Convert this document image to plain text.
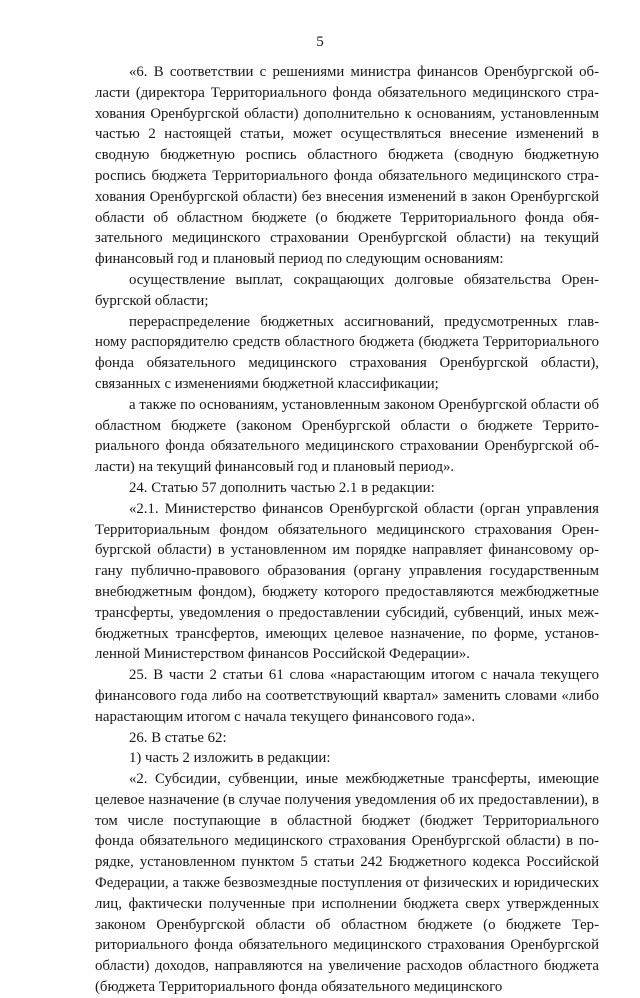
5

«6. В соответствии с решениями министра финансов Оренбургской области (директора Территориального фонда обязательного медицинского страхования Оренбургской области) дополнительно к основаниям, установленным частью 2 настоящей статьи, может осуществляться внесение изменений в сводную бюджетную роспись областного бюджета (сводную бюджетную роспись бюджета Территориального фонда обязательного медицинского страхования Оренбургской области) без внесения изменений в закон Оренбургской области об областном бюджете (о бюджете Территориального фонда обязательного медицинского страховании Оренбургской области) на текущий финансовый год и плановый период по следующим основаниям:

осуществление выплат, сокращающих долговые обязательства Оренбургской области;

перераспределение бюджетных ассигнований, предусмотренных главному распорядителю средств областного бюджета (бюджета Территориального фонда обязательного медицинского страхования Оренбургской области), связанных с изменениями бюджетной классификации;

а также по основаниям, установленным законом Оренбургской области об областном бюджете (законом Оренбургской области о бюджете Территориального фонда обязательного медицинского страховании Оренбургской области) на текущий финансовый год и плановый период».

24. Статью 57 дополнить частью 2.1 в редакции:

«2.1. Министерство финансов Оренбургской области (орган управления Территориальным фондом обязательного медицинского страхования Оренбургской области) в установленном им порядке направляет финансовому органу публично-правового образования (органу управления государственным внебюджетным фондом), бюджету которого предоставляются межбюджетные трансферты, уведомления о предоставлении субсидий, субвенций, иных межбюджетных трансфертов, имеющих целевое назначение, по форме, установленной Министерством финансов Российской Федерации».

25. В части 2 статьи 61 слова «нарастающим итогом с начала текущего финансового года либо на соответствующий квартал» заменить словами «либо нарастающим итогом с начала текущего финансового года».

26. В статье 62:

1) часть 2 изложить в редакции:

«2. Субсидии, субвенции, иные межбюджетные трансферты, имеющие целевое назначение (в случае получения уведомления об их предоставлении), в том числе поступающие в областной бюджет (бюджет Территориального фонда обязательного медицинского страхования Оренбургской области) в порядке, установленном пунктом 5 статьи 242 Бюджетного кодекса Российской Федерации, а также безвозмездные поступления от физических и юридических лиц, фактически полученные при исполнении бюджета сверх утвержденных законом Оренбургской области об областном бюджете (о бюджете Территориального фонда обязательного медицинского страхования Оренбургской области) доходов, направляются на увеличение расходов областного бюджета (бюджета Территориального фонда обязательного медицинского
